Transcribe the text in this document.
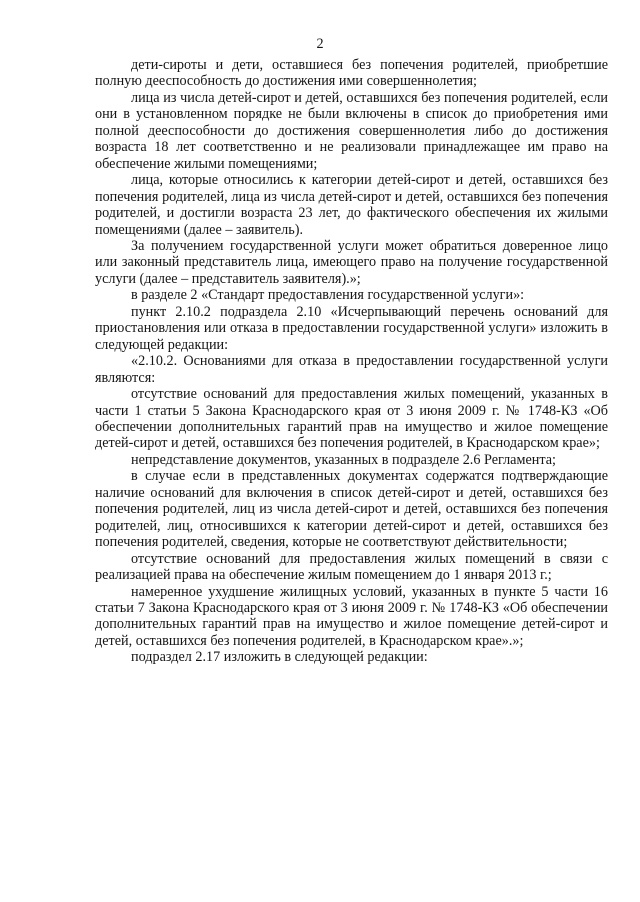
2

дети-сироты и дети, оставшиеся без попечения родителей, приобретшие

полную дееспособность до достижения ими совершеннолетия;

лица из числа детей-сирот и детей, оставшихся без попечения родителей, если они в установленном порядке не были включены в список до приобретения ими полной дееспособности до достижения совершеннолетия либо до достижения возраста 18 лет соответственно и не реализовали принадлежащее им право на обеспечение жилыми помещениями;

лица, которые относились к категории детей-сирот и детей, оставшихся без попечения родителей, лица из числа детей-сирот и детей, оставшихся без попечения родителей, и достигли возраста 23 лет, до фактического обеспечения их жилыми помещениями (далее – заявитель).

За получением государственной услуги может обратиться доверенное лицо или законный представитель лица, имеющего право на получение государственной услуги (далее – представитель заявителя).»;

в разделе 2 «Стандарт предоставления государственной услуги»:

пункт 2.10.2 подраздела 2.10 «Исчерпывающий перечень оснований для приостановления или отказа в предоставлении государственной услуги» изложить в следующей редакции:

«2.10.2. Основаниями для отказа в предоставлении государственной услуги являются:

отсутствие оснований для предоставления жилых помещений, указанных в части 1 статьи 5 Закона Краснодарского края от 3 июня 2009 г. № 1748-КЗ «Об обеспечении дополнительных гарантий прав на имущество и жилое помещение детей-сирот и детей, оставшихся без попечения родителей, в Краснодарском крае»;

непредставление документов, указанных в подразделе 2.6 Регламента;

в случае если в представленных документах содержатся подтверждающие наличие оснований для включения в список детей-сирот и детей, оставшихся без попечения родителей, лиц из числа детей-сирот и детей, оставшихся без попечения родителей, лиц, относившихся к категории детей-сирот и детей, оставшихся без попечения родителей, сведения, которые не соответствуют действительности;

отсутствие оснований для предоставления жилых помещений в связи с реализацией права на обеспечение жилым помещением до 1 января 2013 г.;

намеренное ухудшение жилищных условий, указанных в пункте 5 части 16 статьи 7 Закона Краснодарского края от 3 июня 2009 г. № 1748-КЗ «Об обеспечении дополнительных гарантий прав на имущество и жилое помещение детей-сирот и детей, оставшихся без попечения родителей, в Краснодарском крае».»;

подраздел 2.17 изложить в следующей редакции:
